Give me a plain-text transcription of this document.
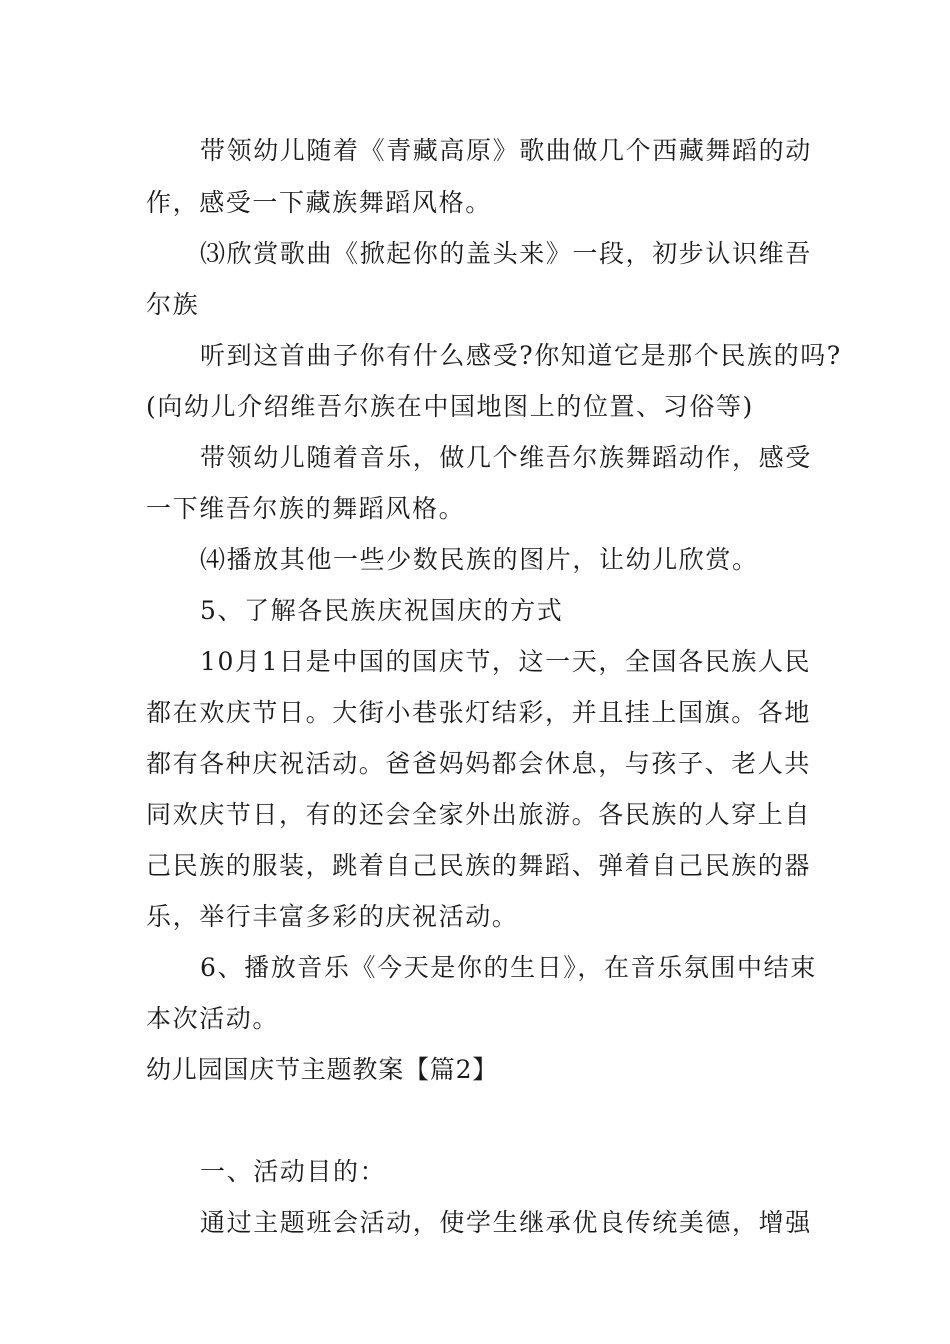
带领幼儿随着《青藏高原》歌曲做几个西藏舞蹈的动
作，感受一下藏族舞蹈风格。
⑶欣赏歌曲《掀起你的盖头来》一段，初步认识维吾
尔族
听到这首曲子你有什么感受?你知道它是那个民族的吗?
(向幼儿介绍维吾尔族在中国地图上的位置、习俗等)
带领幼儿随着音乐，做几个维吾尔族舞蹈动作，感受
一下维吾尔族的舞蹈风格。
⑷播放其他一些少数民族的图片，让幼儿欣赏。
5、了解各民族庆祝国庆的方式
10月1日是中国的国庆节，这一天，全国各民族人民
都在欢庆节日。大街小巷张灯结彩，并且挂上国旗。各地
都有各种庆祝活动。爸爸妈妈都会休息，与孩子、老人共
同欢庆节日，有的还会全家外出旅游。各民族的人穿上自
己民族的服装，跳着自己民族的舞蹈、弹着自己民族的器
乐，举行丰富多彩的庆祝活动。
6、播放音乐《今天是你的生日》，在音乐氛围中结束
本次活动。
幼儿园国庆节主题教案【篇2】
一、活动目的：
通过主题班会活动，使学生继承优良传统美德，增强
